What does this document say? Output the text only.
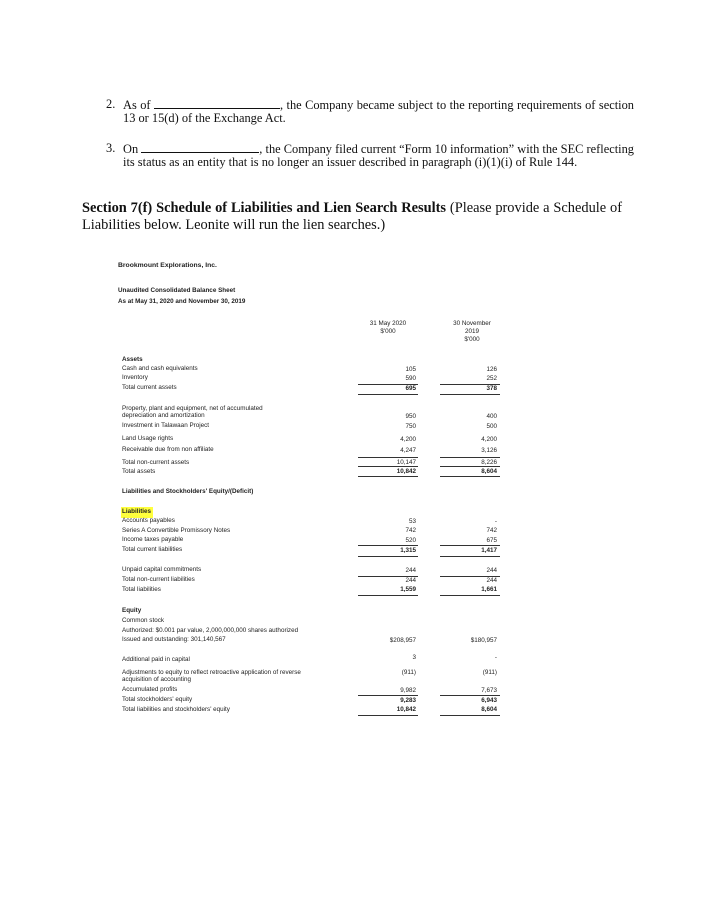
2. As of	, the Company became subject to the reporting requirements of section 13 or 15(d) of the Exchange Act.
3. On	, the Company filed current “Form 10 information” with the SEC reflecting its status as an entity that is no longer an issuer described in paragraph (i)(1)(i) of Rule 144.
Section 7(f) Schedule of Liabilities and Lien Search Results (Please provide a Schedule of Liabilities below. Leonite will run the lien searches.)
Brookmount Explorations, Inc.
Unaudited Consolidated Balance Sheet
As at May 31, 2020 and November 30, 2019
31 May 2020
$'000
30 November
2019
$'000
Assets
Cash and cash equivalents	105	126
Inventory	590	252
Total current assets	695	378
Property, plant and equipment, net of accumulated
depreciation and amortization	950	400
Investment in Talawaan Project	750	500
Land Usage rights	4,200	4,200
Receivable due from non affiliate	4,247	3,126
Total non-current assets	10,147	8,226
Total assets	10,842	8,604
Liabilities and Stockholders' Equity/(Deficit)
Liabilities
Accounts payables	53	-
Series A Convertible Promissory Notes	742	742
Income taxes payable	520	675
Total current liabilities	1,315	1,417
Unpaid capital commitments	244	244
Total non-current liabilities	244	244
Total liabilities	1,559	1,661
Equity
Common stock
Authorized: $0.001 par value, 2,000,000,000 shares authorized
Issued and outstanding: 301,140,567	$208,957	$180,957
Additional paid in capital	3	-
Adjustments to equity to reflect retroactive application of reverse
acquisition of accounting
(911)	(911)
Accumulated profits	9,982	7,673
Total stockholders' equity	9,283	6,943
Total liabilities and stockholders' equity	10,842	8,604
